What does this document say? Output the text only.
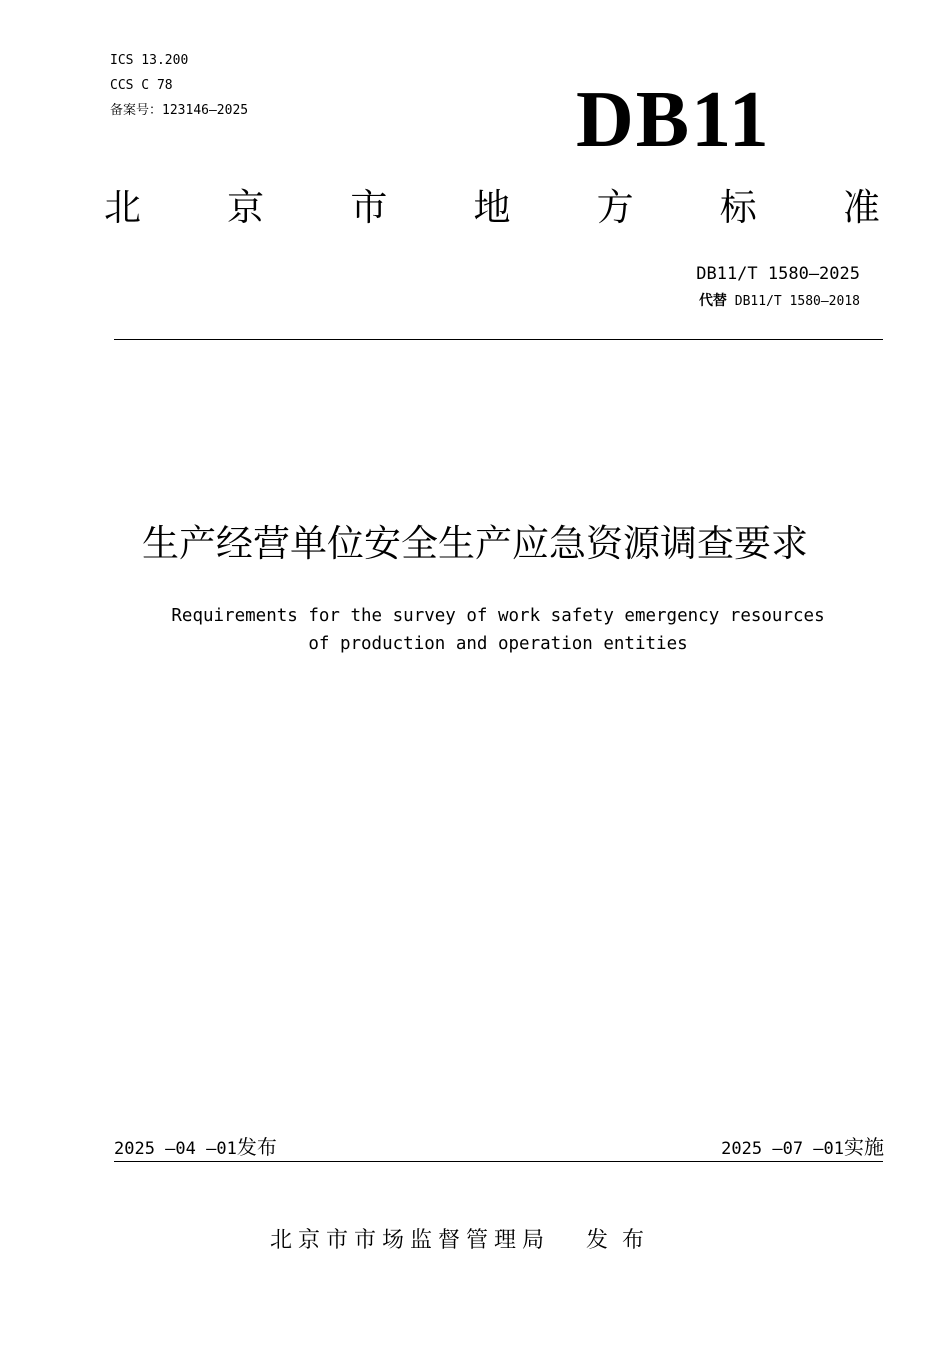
ICS 13.200
CCS C 78
备案号：123146—2025	DB11
北 京 市 地 方 标 准
DB11/T 1580—2025
代替 DB11/T 1580—2018
生产经营单位安全生产应急资源调查要求
Requirements for the survey of work safety emergency resources
of production and operation entities
2025 —04 —01发布	2025 —07 —01实施
北京市市场监督管理局 发布
